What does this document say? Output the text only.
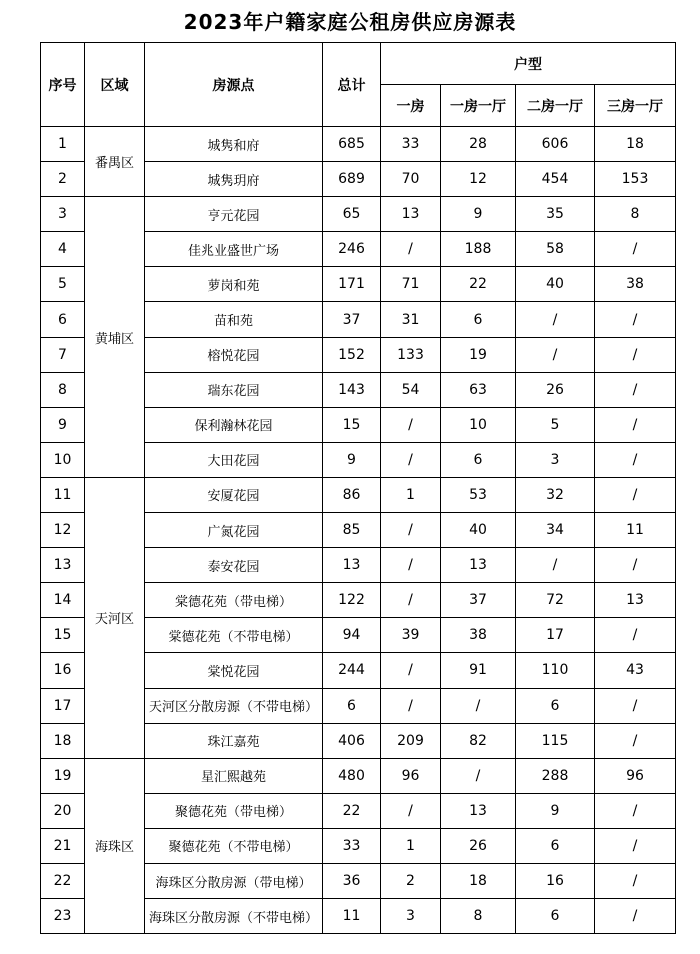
2023年户籍家庭公租房供应房源表
序号	区域	房源点	总计	户型			
				一房	一房一厅	二房一厅	三房一厅
1	番禺区	城隽和府	685	33	28	606	18
2		城隽玥府	689	70	12	454	153
3	黄埔区	亨元花园	65	13	9	35	8
4		佳兆业盛世广场	246	/	188	58	/
5		萝岗和苑	171	71	22	40	38
6		苗和苑	37	31	6	/	/
7		榕悦花园	152	133	19	/	/
8		瑞东花园	143	54	63	26	/
9		保利瀚林花园	15	/	10	5	/
10		大田花园	9	/	6	3	/
11	天河区	安厦花园	86	1	53	32	/
12		广氮花园	85	/	40	34	11
13		泰安花园	13	/	13	/	/
14		棠德花苑（带电梯）	122	/	37	72	13
15		棠德花苑（不带电梯）	94	39	38	17	/
16		棠悦花园	244	/	91	110	43
17		天河区分散房源（不带电梯）	6	/	/	6	/
18		珠江嘉苑	406	209	82	115	/
19	海珠区	星汇熙越苑	480	96	/	288	96
20		聚德花苑（带电梯）	22	/	13	9	/
21		聚德花苑（不带电梯）	33	1	26	6	/
22		海珠区分散房源（带电梯）	36	2	18	16	/
23		海珠区分散房源（不带电梯）	11	3	8	6	/
